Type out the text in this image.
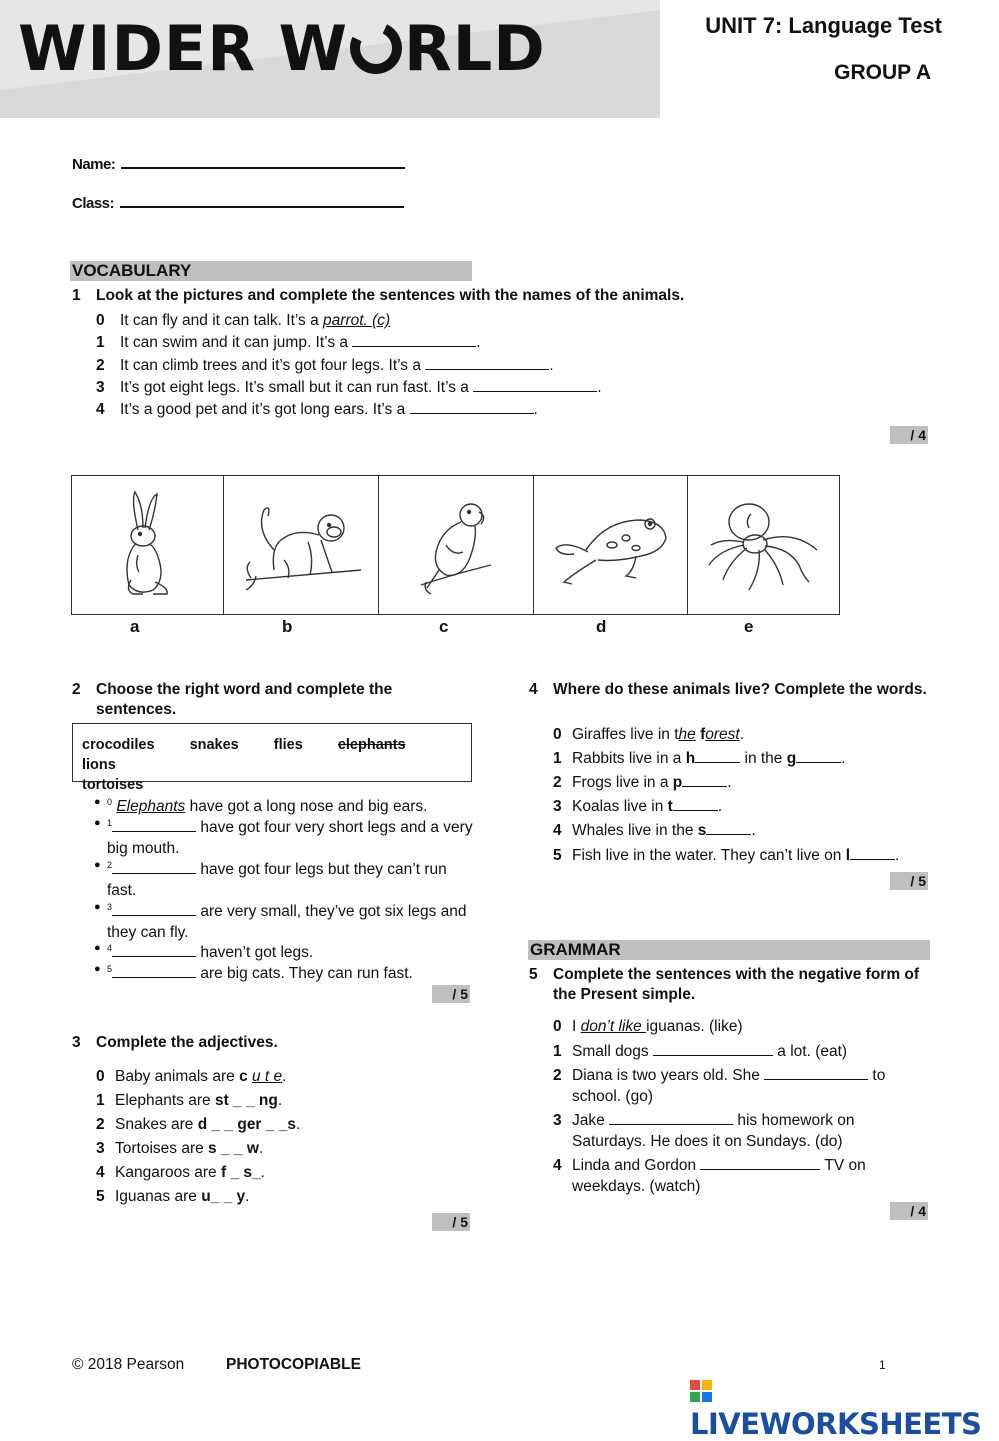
WIDER W RLD	UNIT 7: Language Test
GROUP A
Name:
Class:
VOCABULARY
1 Look at the pictures and complete the sentences with the names of the animals.
0 It can fly and it can talk. It’s a parrot. (c)
1 It can swim and it can jump. It’s a	.
2 It can climb trees and it’s got four legs. It’s a	.
3 It’s got eight legs. It’s small but it can run fast. It’s a	.
4 It’s a good pet and it’s got long ears. It’s a	.
/ 4
a	b	c	d	e
2 Choose the right word and complete the sentences.
crocodiles snakes flies elephants lions
tortoises
● $^0$ Elephants have got a long nose and big ears.
● $^1$	have got four very short legs and a very big mouth.
● $^2$	have got four legs but they can’t run fast.
● $^3$	are very small, they’ve got six legs and they can fly.
● $^4$	haven’t got legs.
● $^5$	are big cats. They can run fast.
/ 5
3 Complete the adjectives.
0 Baby animals are c u t e.
1 Elephants are st _ _ ng.
2 Snakes are d _ _ ger _ _s.
3 Tortoises are s _ _ w.
4 Kangaroos are f _ s_.
5 Iguanas are u_ _ y.
/ 5
4 Where do these animals live? Complete the words.
0 Giraffes live in the forest.
1 Rabbits live in a h	in the g	.
2 Frogs live in a p	.
3 Koalas live in t	.
4 Whales live in the s	.
5 Fish live in the water. They can’t live on l	.
/ 5
GRAMMAR
5 Complete the sentences with the negative form of the Present simple.
0 I don’t like iguanas. (like)
1 Small dogs	a lot. (eat)
2 Diana is two years old. She	to school. (go)
3 Jake	his homework on Saturdays. He does it on Sundays. (do)
4 Linda and Gordon	TV on weekdays. (watch)
/ 4
© 2018 Pearson	PHOTOCOPIABLE	1
LIVEWORKSHEETS
